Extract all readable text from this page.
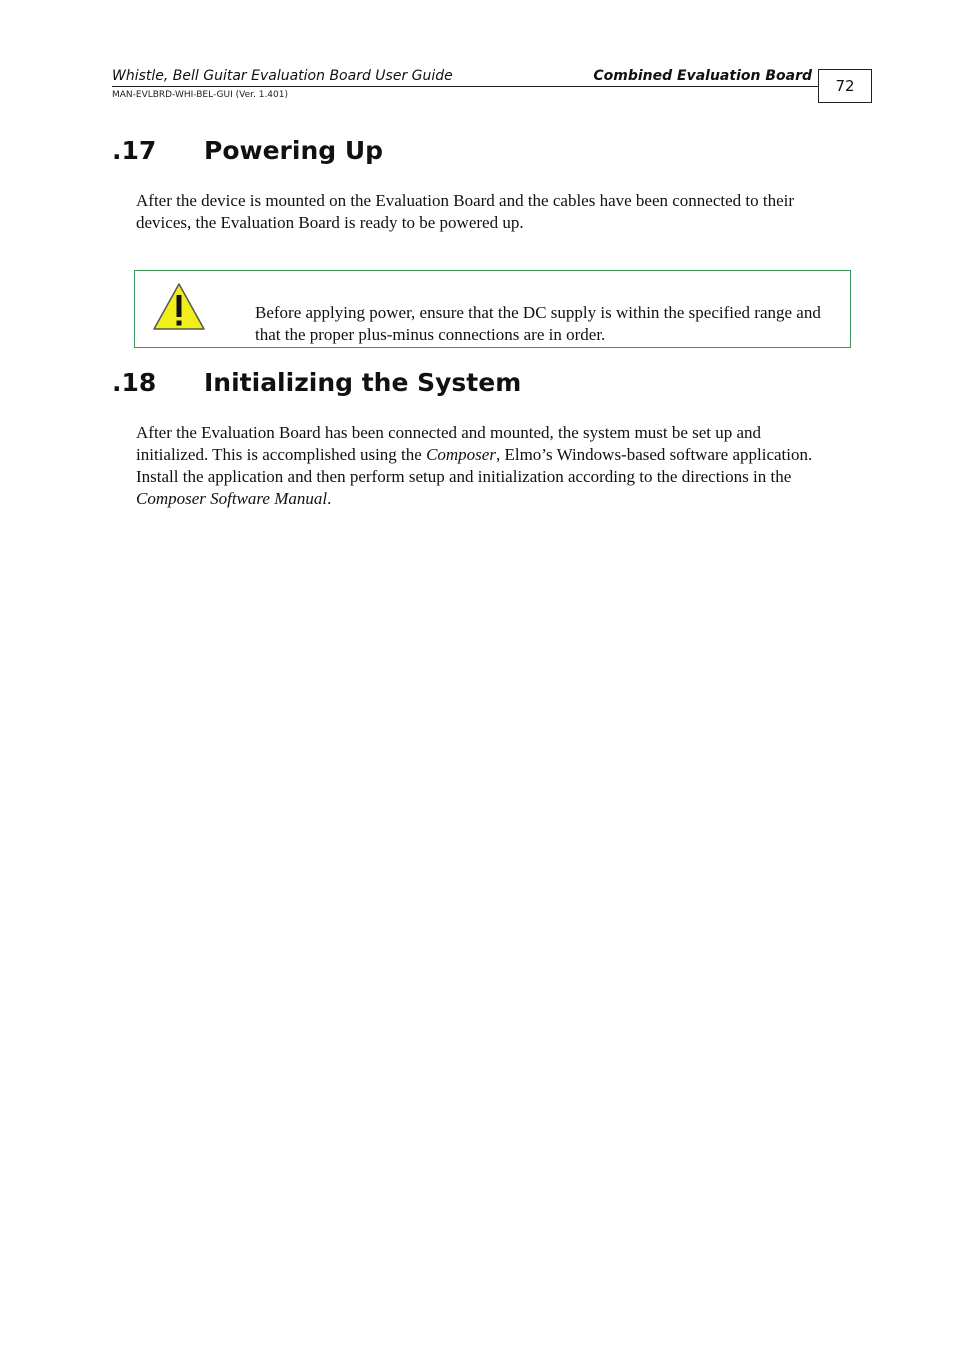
Whistle, Bell Guitar Evaluation Board User Guide	Combined Evaluation Board
MAN-EVLBRD-WHI-BEL-GUI (Ver. 1.401)	72
.17 Powering Up

After the device is mounted on the Evaluation Board and the cables have been connected to their devices, the Evaluation Board is ready to be powered up.

Before applying power, ensure that the DC supply is within the specified range and that the proper plus-minus connections are in order.
.18 Initializing the System

After the Evaluation Board has been connected and mounted, the system must be set up and initialized. This is accomplished using the Composer, Elmo’s Windows-based software application. Install the application and then perform setup and initialization according to the directions in the Composer Software Manual.
